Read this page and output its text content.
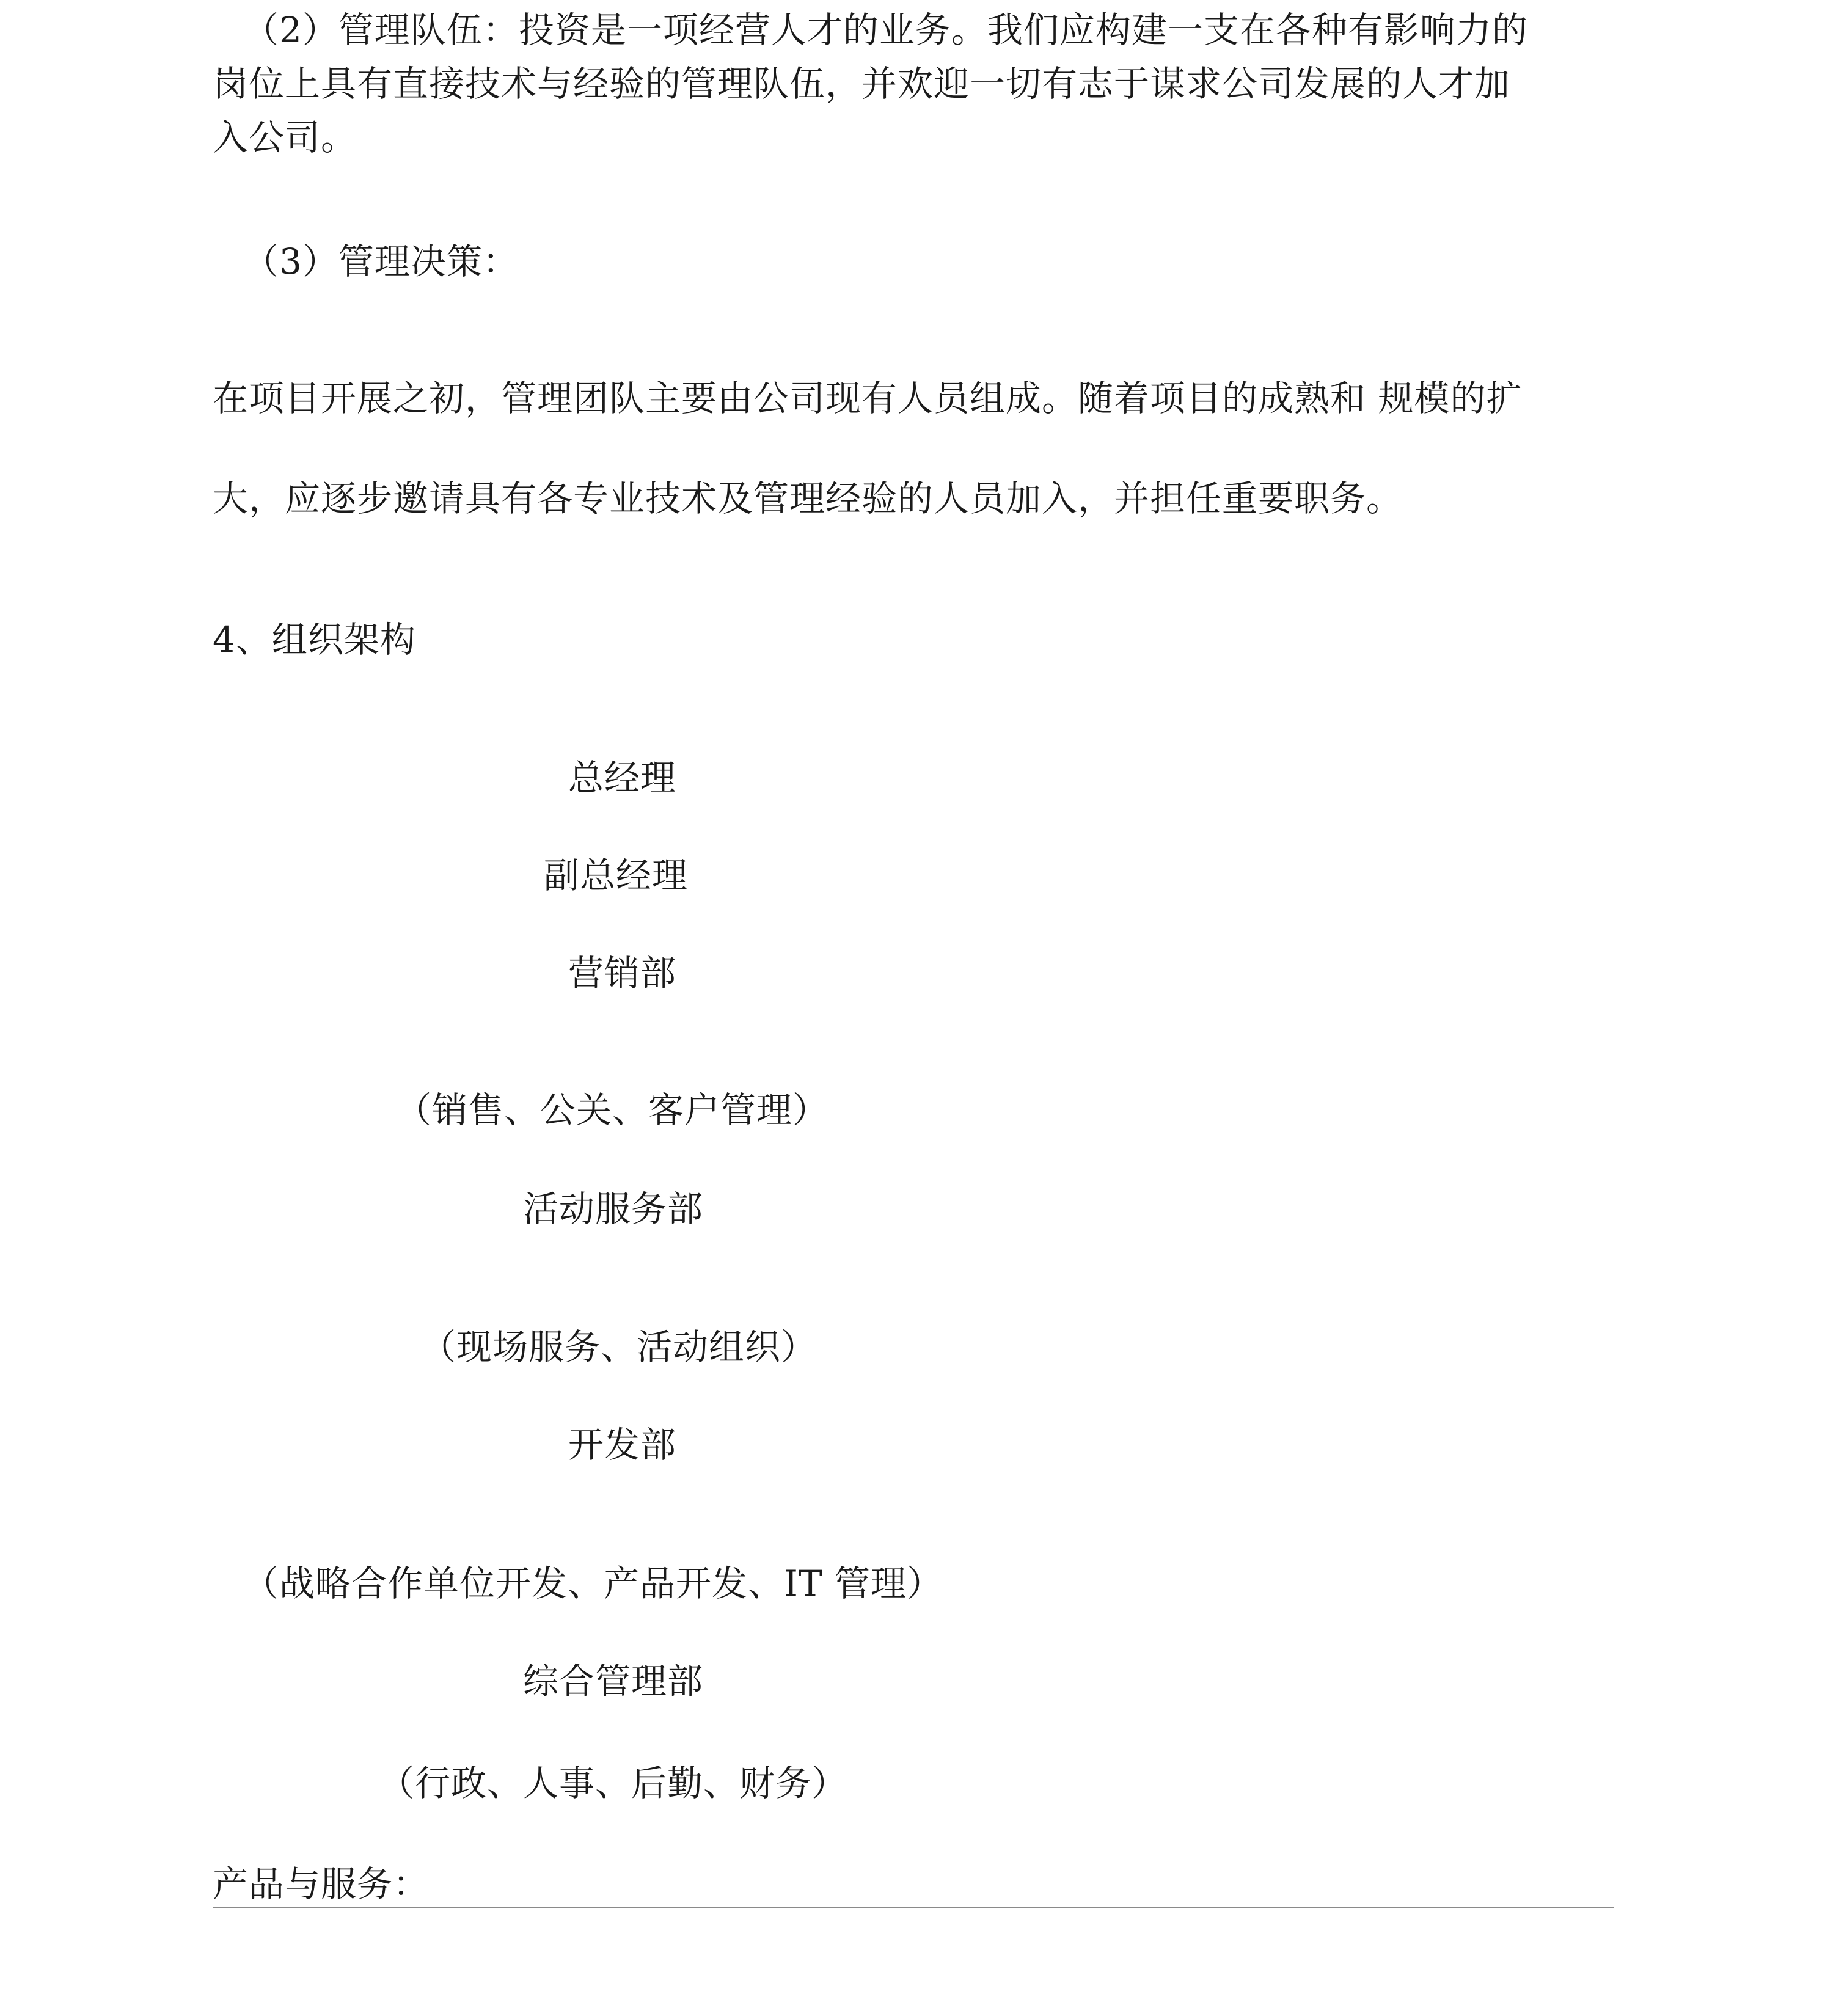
（2）管理队伍：投资是一项经营人才的业务。我们应构建一支在各种有影响力的
岗位上具有直接技术与经验的管理队伍，并欢迎一切有志于谋求公司发展的人才加
入公司。
（3）管理决策：
在项目开展之初，管理团队主要由公司现有人员组成。随着项目的成熟和 规模的扩
大，应逐步邀请具有各专业技术及管理经验的人员加入，并担任重要职务。
4、组织架构
总经理
副总经理
营销部
（销售、公关、客户管理）
活动服务部
（现场服务、活动组织）
开发部
（战略合作单位开发、产品开发、IT 管理）
综合管理部
（行政、人事、后勤、财务）
产品与服务：
